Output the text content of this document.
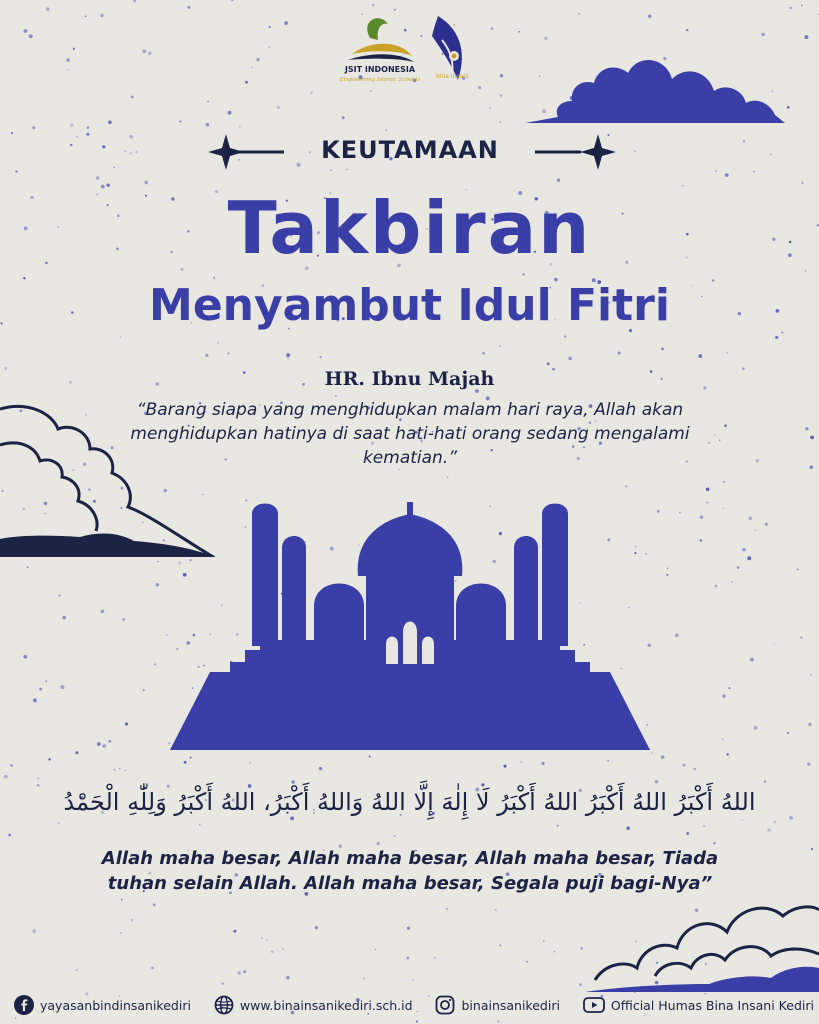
JSIT INDONESIA
Empowering Islamic Schools	bina insani
KEUTAMAAN
Takbiran
Menyambut Idul Fitri
HR. Ibnu Majah
“Barang siapa yang menghidupkan malam hari raya, Allah akan menghidupkan hatinya di saat hati-hati orang sedang mengalami kematian.”
اللهُ أَكْبَرُ اللهُ أَكْبَرُ اللهُ أَكْبَرُ لَا إِلٰهَ إِلَّا اللهُ وَاللهُ أَكْبَرُ، اللهُ أَكْبَرُ وَلِلّٰهِ الْحَمْدُ
Allah maha besar, Allah maha besar, Allah maha besar, Tiada tuhan selain Allah. Allah maha besar, Segala puji bagi-Nya”
yayasanbindinsanikediri	www.binainsanikediri.sch.id	binainsanikediri	Official Humas Bina Insani Kediri
